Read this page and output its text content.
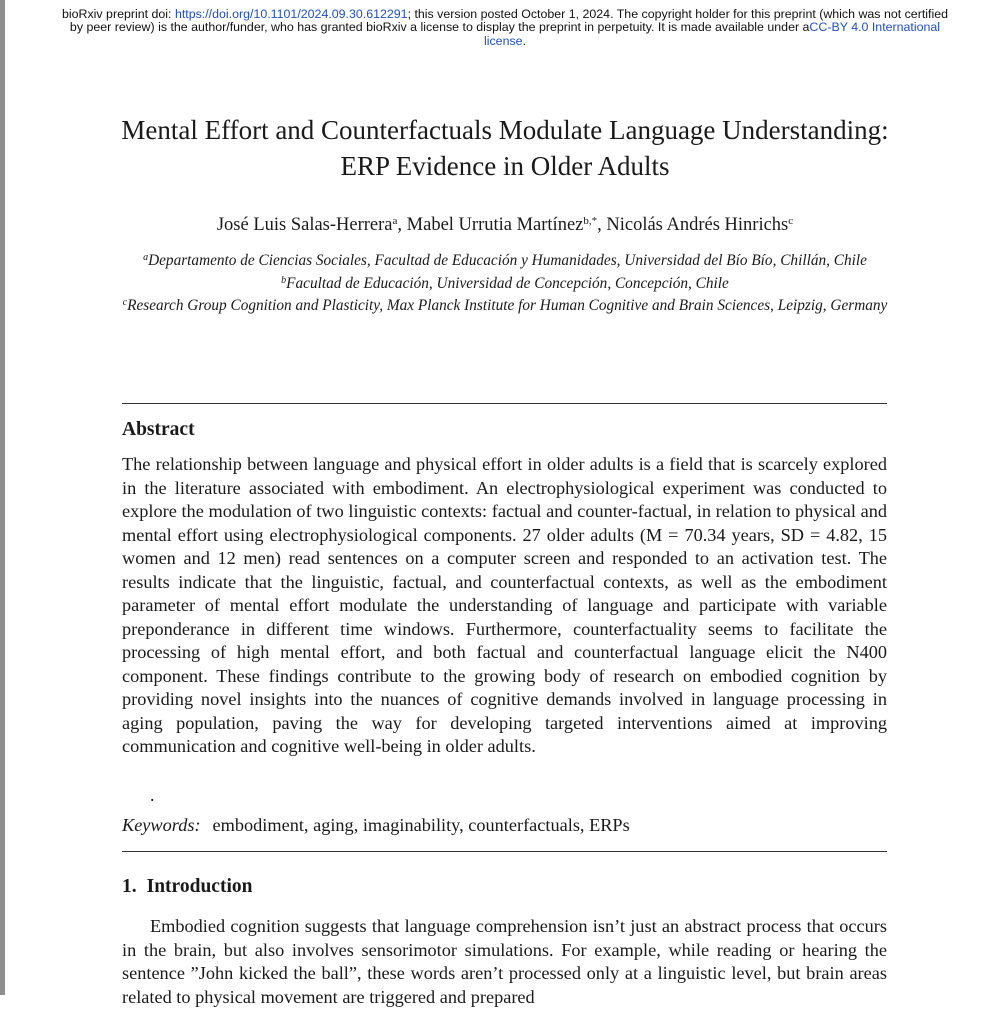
bioRxiv preprint doi: https://doi.org/10.1101/2024.09.30.612291; this version posted October 1, 2024. The copyright holder for this preprint (which was not certified by peer review) is the author/funder, who has granted bioRxiv a license to display the preprint in perpetuity. It is made available under aCC-BY 4.0 International license.
Mental Effort and Counterfactuals Modulate Language Understanding: ERP Evidence in Older Adults
José Luis Salas-Herrera$^a$, Mabel Urrutia Martínez$^{b,*}$, Nicolás Andrés Hinrichs$^c$
$^a$Departamento de Ciencias Sociales, Facultad de Educación y Humanidades, Universidad del Bío Bío, Chillán, Chile
$^b$Facultad de Educación, Universidad de Concepción, Concepción, Chile
$^c$Research Group Cognition and Plasticity, Max Planck Institute for Human Cognitive and Brain Sciences, Leipzig, Germany
Abstract
The relationship between language and physical effort in older adults is a field that is scarcely explored in the literature associated with embodiment. An electrophysiological experiment was conducted to explore the modulation of two linguistic contexts: factual and counter-factual, in relation to physical and mental effort using electrophysiological components. 27 older adults (M = 70.34 years, SD = 4.82, 15 women and 12 men) read sentences on a computer screen and responded to an activation test. The results indicate that the linguistic, factual, and counterfactual contexts, as well as the embodiment parameter of mental effort modulate the understanding of language and participate with variable preponderance in different time windows. Furthermore, counterfactuality seems to facilitate the processing of high mental effort, and both factual and counterfactual language elicit the N400 component. These findings contribute to the growing body of research on embodied cognition by providing novel insights into the nuances of cognitive demands involved in language processing in aging population, paving the way for developing targeted interventions aimed at improving communication and cognitive well-being in older adults.
.
Keywords: embodiment, aging, imaginability, counterfactuals, ERPs
1. Introduction
Embodied cognition suggests that language comprehension isn’t just an abstract process that occurs in the brain, but also involves sensorimotor simulations. For example, while reading or hearing the sentence ”John kicked the ball”, these words aren’t processed only at a linguistic level, but brain areas related to physical movement are triggered and prepared
